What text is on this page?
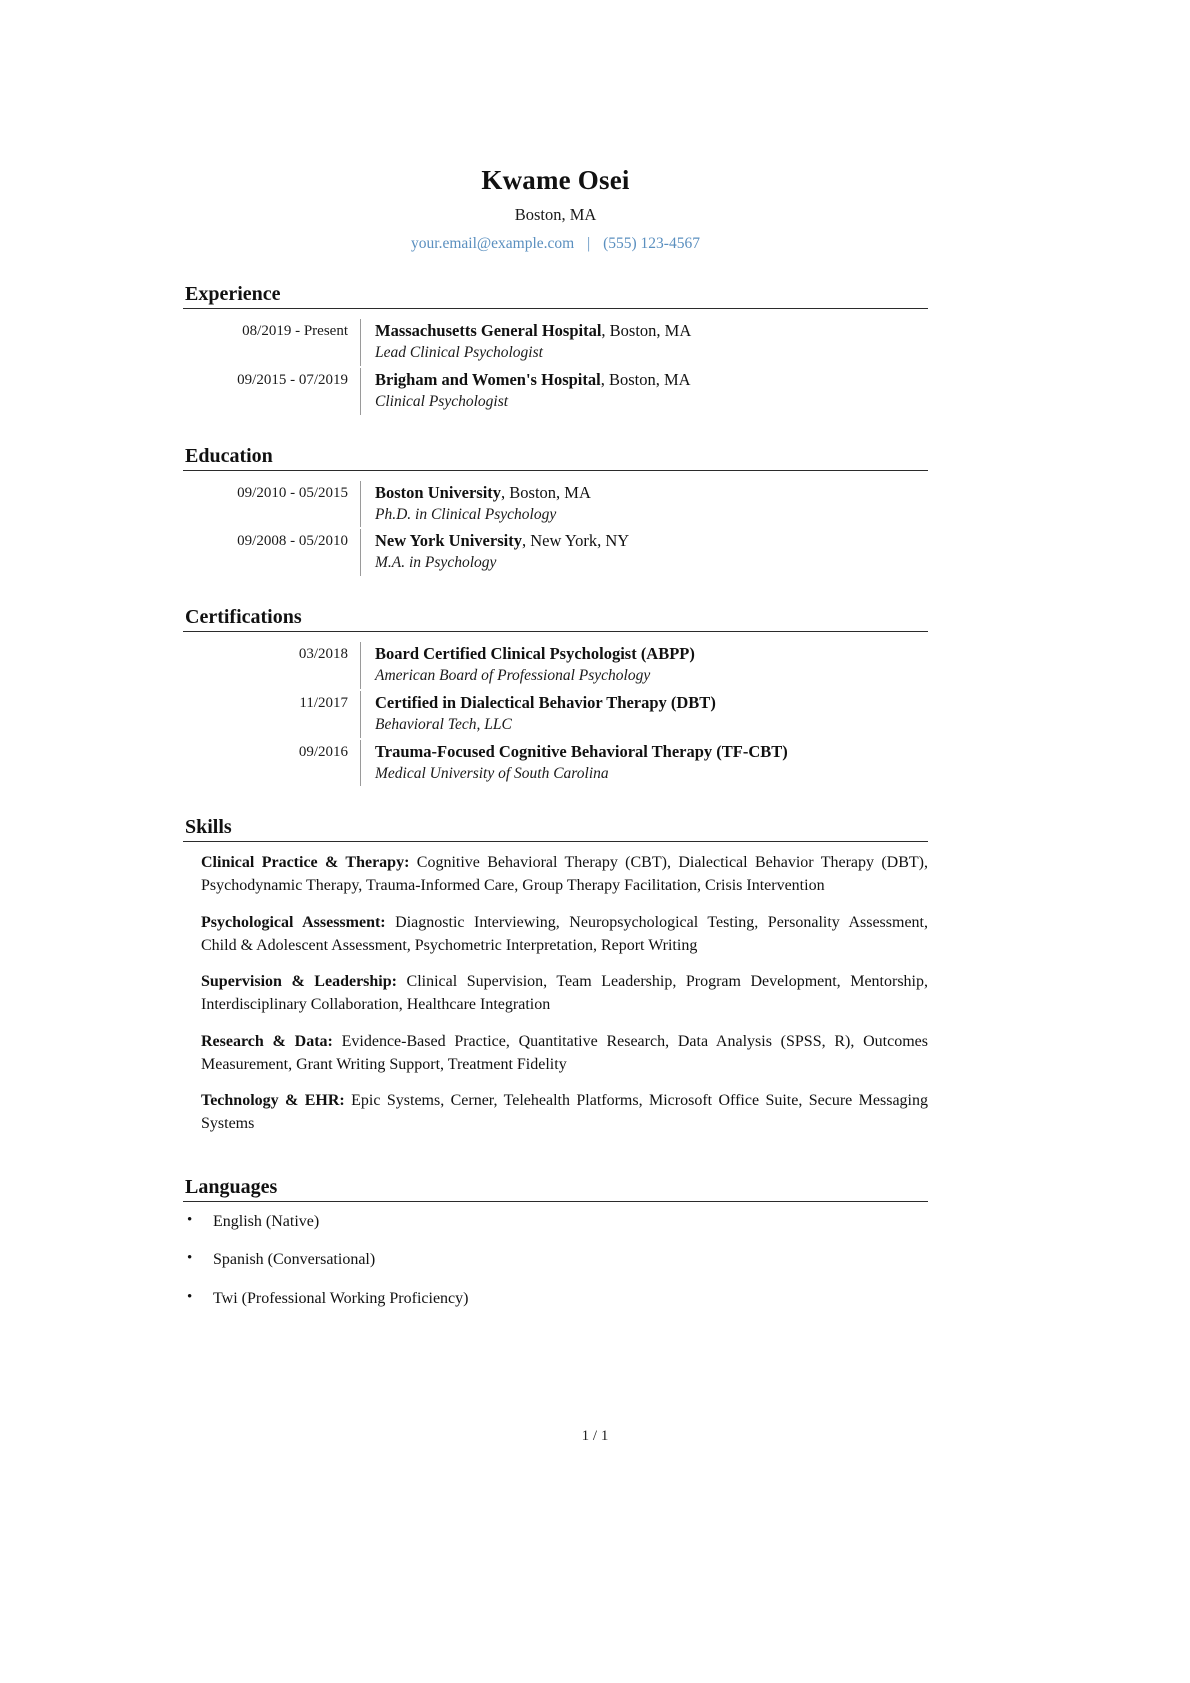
Kwame Osei
Boston, MA
your.email@example.com | (555) 123-4567
Experience
08/2019 - Present	Massachusetts General Hospital, Boston, MA
Lead Clinical Psychologist
09/2015 - 07/2019	Brigham and Women's Hospital, Boston, MA
Clinical Psychologist
Education
09/2010 - 05/2015	Boston University, Boston, MA
Ph.D. in Clinical Psychology
09/2008 - 05/2010	New York University, New York, NY
M.A. in Psychology
Certifications
03/2018	Board Certified Clinical Psychologist (ABPP)
American Board of Professional Psychology
11/2017	Certified in Dialectical Behavior Therapy (DBT)
Behavioral Tech, LLC
09/2016	Trauma-Focused Cognitive Behavioral Therapy (TF-CBT)
Medical University of South Carolina
Skills

Clinical Practice & Therapy: Cognitive Behavioral Therapy (CBT), Dialectical Behavior Therapy (DBT), Psychodynamic Therapy, Trauma-Informed Care, Group Therapy Facilitation, Crisis Intervention

Psychological Assessment: Diagnostic Interviewing, Neuropsychological Testing, Personality Assessment, Child & Adolescent Assessment, Psychometric Interpretation, Report Writing

Supervision & Leadership: Clinical Supervision, Team Leadership, Program Development, Mentorship, Interdisciplinary Collaboration, Healthcare Integration

Research & Data: Evidence-Based Practice, Quantitative Research, Data Analysis (SPSS, R), Outcomes Measurement, Grant Writing Support, Treatment Fidelity

Technology & EHR: Epic Systems, Cerner, Telehealth Platforms, Microsoft Office Suite, Secure Messaging Systems

Languages
• English (Native)
• Spanish (Conversational)
• Twi (Professional Working Proficiency)
1 / 1
